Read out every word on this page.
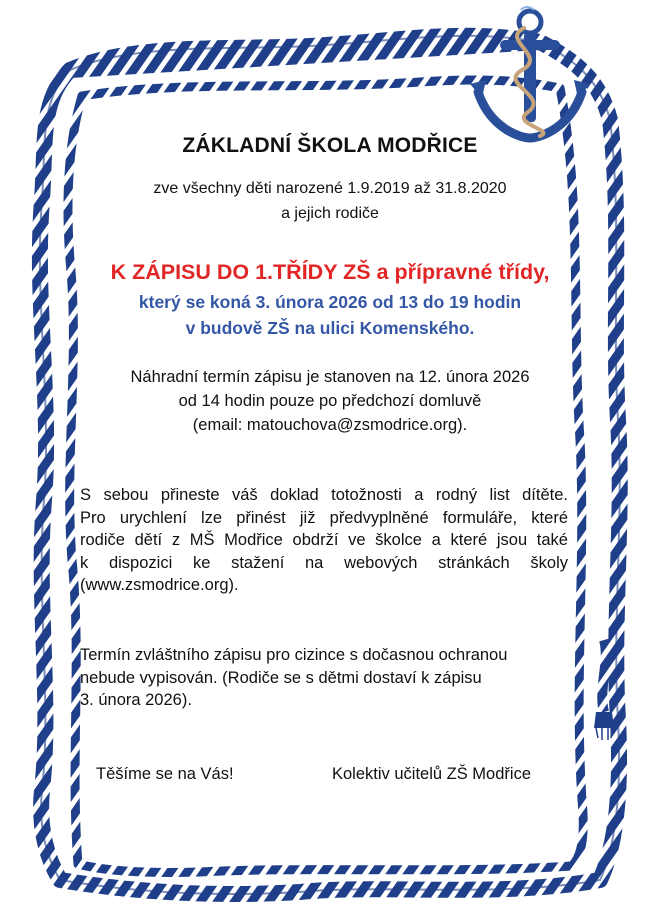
ZÁKLADNÍ ŠKOLA MODŘICE

zve všechny děti narozené 1.9.2019 až 31.8.2020

a jejich rodiče

K ZÁPISU DO 1.TŘÍDY ZŠ a přípravné třídy,

který se koná 3. února 2026 od 13 do 19 hodin

v budově ZŠ na ulici Komenského.

Náhradní termín zápisu je stanoven na 12. února 2026

od 14 hodin pouze po předchozí domluvě

(email: matouchova@zsmodrice.org).

S sebou přineste váš doklad totožnosti a rodný list dítěte.
Pro urychlení lze přinést již předvyplněné formuláře, které
rodiče dětí z MŠ Modřice obdrží ve školce a které jsou také
k dispozici ke stažení na webových stránkách školy
(www.zsmodrice.org).
Termín zvláštního zápisu pro cizince s dočasnou ochranou
nebude vypisován. (Rodiče se s dětmi dostaví k zápisu
3. února 2026).

Těšíme se na Vás!	Kolektiv učitelů ZŠ Modřice
